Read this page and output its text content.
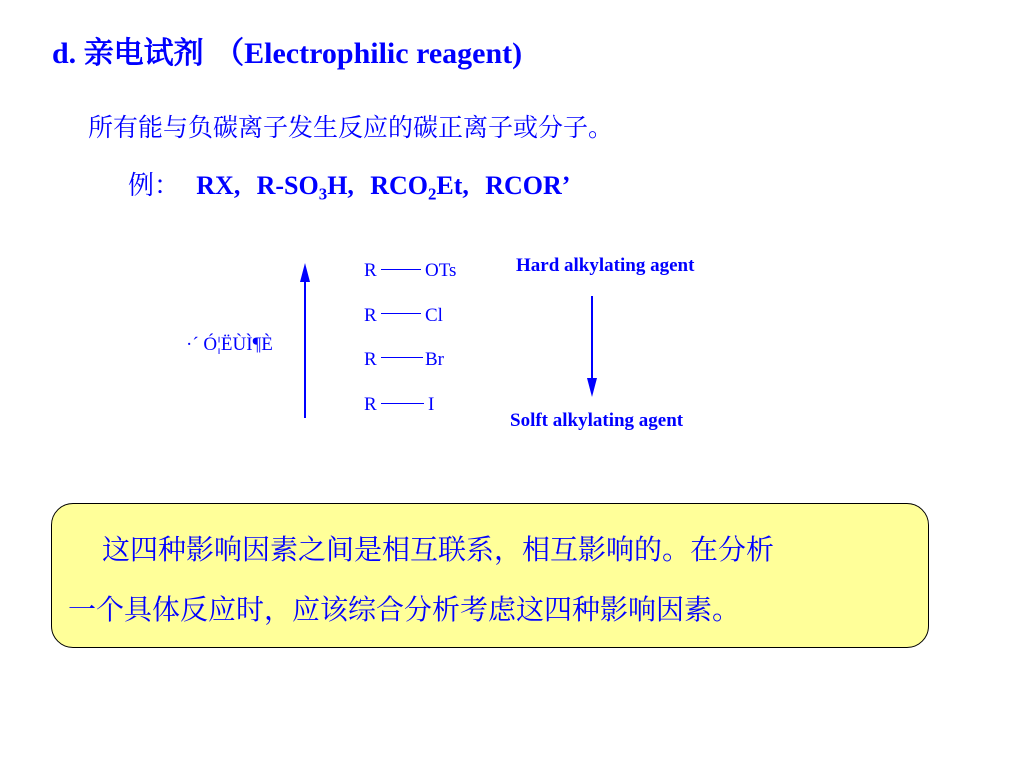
d. 亲电试剂 （Electrophilic reagent)
所有能与负碳离子发生反应的碳正离子或分子。
例： RX, $R-SO_3H$, $RCO_2Et$, RCOR’
·´ Ó¦ËÙÌ¶È
R	OTs
R	Cl
R	Br
R	I
Hard alkylating agent
Solft alkylating agent
这四种影响因素之间是相互联系，相互影响的。在分析
一个具体反应时，应该综合分析考虑这四种影响因素。
